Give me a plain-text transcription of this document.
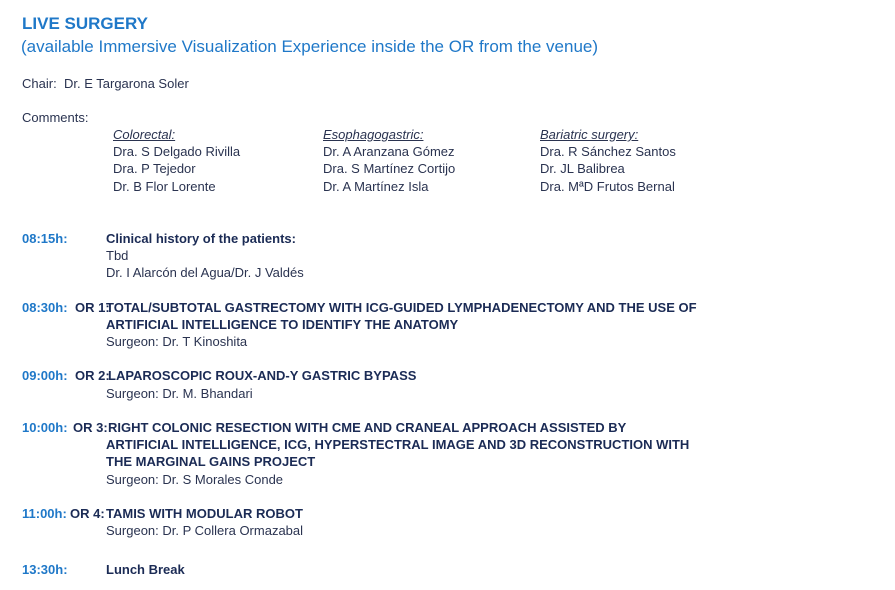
LIVE SURGERY
(available Immersive Visualization Experience inside the OR from the venue)
Chair: Dr. E Targarona Soler
Comments:
Colorectal:
Dra. S Delgado Rivilla
Dra. P Tejedor
Dr. B Flor Lorente
Esophagogastric:
Dr. A Aranzana Gómez
Dra. S Martínez Cortijo
Dr. A Martínez Isla
Bariatric surgery:
Dra. R Sánchez Santos
Dr. JL Balibrea
Dra. MªD Frutos Bernal
08:15h:	Clinical history of the patients:
Tbd
Dr. I Alarcón del Agua/Dr. J Valdés
08:30h: OR 1:
TOTAL/SUBTOTAL GASTRECTOMY WITH ICG-GUIDED LYMPHADENECTOMY AND THE USE OF
ARTIFICIAL INTELLIGENCE TO IDENTIFY THE ANATOMY
Surgeon: Dr. T Kinoshita
09:00h: OR 2:
LAPAROSCOPIC ROUX-AND-Y GASTRIC BYPASS
Surgeon: Dr. M. Bhandari
10:00h: OR 3: RIGHT COLONIC RESECTION WITH CME AND CRANEAL APPROACH ASSISTED BY
ARTIFICIAL INTELLIGENCE, ICG, HYPERSTECTRAL IMAGE AND 3D RECONSTRUCTION WITH
THE MARGINAL GAINS PROJECT
Surgeon: Dr. S Morales Conde
11:00h: OR 4: TAMIS WITH MODULAR ROBOT
Surgeon: Dr. P Collera Ormazabal
13:30h:	Lunch Break
